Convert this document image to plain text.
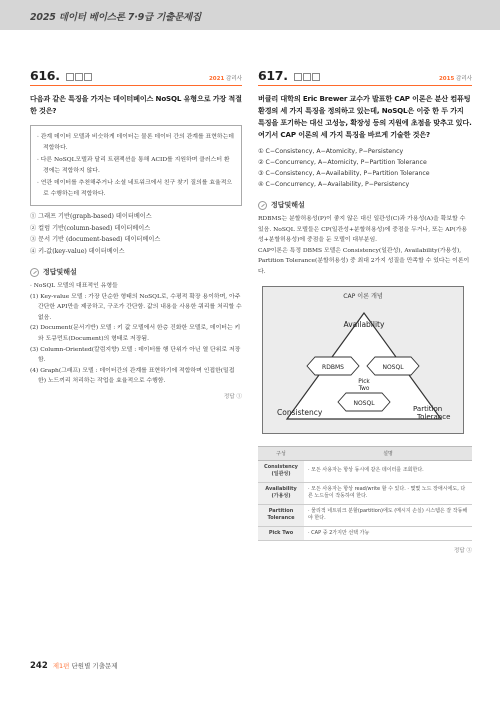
2025 데이터 베이스론 7·9급 기출문제집
616.	2021 감리사
다음과 같은 특징을 가지는 데이터베이스 NoSQL 유형으로 가장 적절한 것은?

· 관계 데이터 모델과 비슷하게 데이터는 물론 데이터 간의 관계를 표현하는데 적합하다.

· 다른 NoSQL모델과 달리 트랜잭션을 통해 ACID를 지원하며 클러스터 환경에는 적합하지 않다.

· 연관 데이터를 추천해주거나 소셜 네트워크에서 친구 찾기 질의를 효율적으로 수행하는데 적합하다.

① 그래프 기반(graph-based) 데이터베이스

② 컬럼 기반(column-based) 데이터베이스

③ 문서 기반 (document-based) 데이터베이스

④ 키-값(key-value) 데이터베이스

정답및해설

· NoSQL 모델의 대표적인 유형들

(1) Key-value 모델 : 가장 단순한 형태의 NoSQL로, 수평적 확장 용이하며, 아주 간단한 API만을 제공하고, 구조가 간단함. 값의 내용을 사용한 쿼리를 처리할 수 없음.

(2) Document(문서기반) 모델 : 키 값 모델에서 한층 진화한 모델로, 데이터는 키와 도큐먼트(Document)의 형태로 저장됨.

(3) Column-Oriented(칼럼지향) 모델 : 데이터를 행 단위가 아닌 열 단위로 저장함.

(4) Graph(그래프) 모델 : 데이터간의 관계를 표현하기에 적합하며 인접한(밀접한) 노드끼리 처리하는 작업을 효율적으로 수행함.

정답 ①
617.	2015 감리사
버클리 대학의 Eric Brewer 교수가 발표한 CAP 이론은 분산 컴퓨팅 환경의 세 가지 특징을 정의하고 있는데, NoSQL은 이중 한 두 가지 특징을 포기하는 대신 고성능, 확장성 등의 지원에 초점을 맞추고 있다. 여기서 CAP 이론의 세 가지 특징을 바르게 기술한 것은?

① C−Consistency, A−Atomicity, P−Persistency

② C−Concurrency, A−Atomicity, P−Partition Tolerance

③ C−Consistency, A−Availability, P−Partition Tolerance

④ C−Concurrency, A−Availability, P−Persistency

정답및해설

RDBMS는 분할허용성(P)이 좋지 않은 대신 일관성(C)과 가용성(A)을 확보할 수 있음. NoSQL 모델들은 CP(일관성+분할허용성)에 중점을 두거나, 또는 AP(가용성+분할허용성)에 중점을 둔 모델이 대부분임.

CAP이론은 특정 DBMS 모델은 Consistency(일관성), Availability(가용성), Partition Tolerance(분할허용성) 중 최대 2가지 성질을 만족할 수 있다는 이론이다.

CAP 이론 개념
Availability
RDBMS	NOSQL
Pick
Two
NOSQL
Consistency	Partition
Tolerance
구성	설명
Consistency
(일관성)	· 모든 사용자는 항상 동시에 같은 데이터를 조회한다.
Availability
(가용성)	· 모든 사용자는 항상 read/write 할 수 있다. · 몇몇 노드 장애시에도, 다른 노드들이 작동하여 한다.
Partition
Tolerance	· 물리적 네트워크 분할(partition)에도 (메시지 손실) 시스템은 잘 작동해야 한다.
Pick Two	· CAP 중 2가지만 선택 가능
정답 ③
242 제1편 단원별 기출문제
